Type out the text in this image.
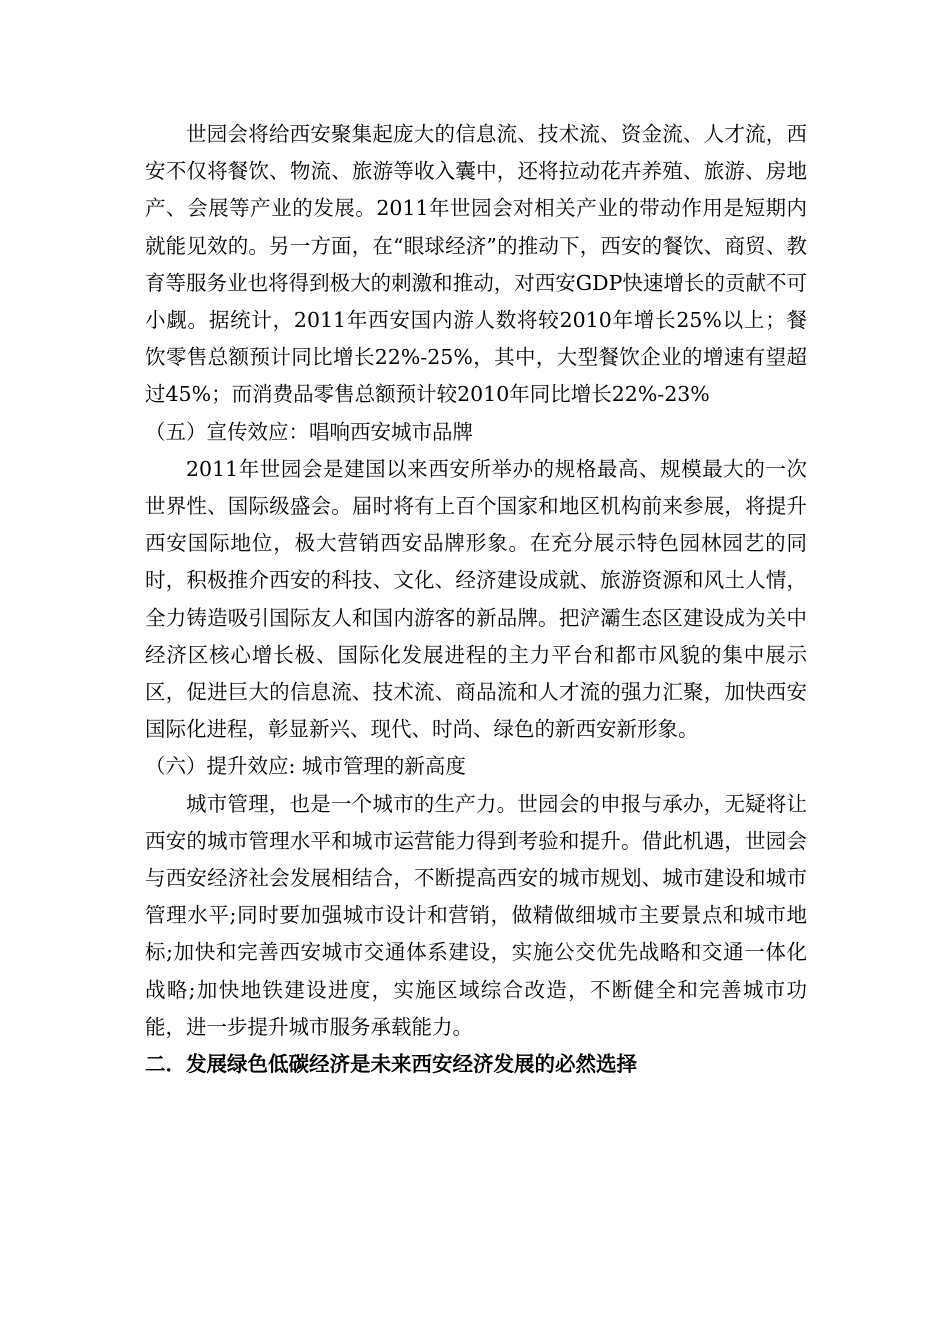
世园会将给西安聚集起庞大的信息流、技术流、资金流、人才流，西安不仅将餐饮、物流、旅游等收入囊中，还将拉动花卉养殖、旅游、房地产、会展等产业的发展。2011年世园会对相关产业的带动作用是短期内就能见效的。另一方面，在“眼球经济”的推动下，西安的餐饮、商贸、教育等服务业也将得到极大的刺激和推动，对西安GDP快速增长的贡献不可小觑。据统计，2011年西安国内游人数将较2010年增长25%以上；餐饮零售总额预计同比增长22%-25%，其中，大型餐饮企业的增速有望超过45%；而消费品零售总额预计较2010年同比增长22%-23%

（五）宣传效应：唱响西安城市品牌

2011年世园会是建国以来西安所举办的规格最高、规模最大的一次世界性、国际级盛会。届时将有上百个国家和地区机构前来参展，将提升西安国际地位，极大营销西安品牌形象。在充分展示特色园林园艺的同时，积极推介西安的科技、文化、经济建设成就、旅游资源和风土人情，全力铸造吸引国际友人和国内游客的新品牌。把浐灞生态区建设成为关中经济区核心增长极、国际化发展进程的主力平台和都市风貌的集中展示区，促进巨大的信息流、技术流、商品流和人才流的强力汇聚，加快西安国际化进程，彰显新兴、现代、时尚、绿色的新西安新形象。

（六）提升效应: 城市管理的新高度

城市管理，也是一个城市的生产力。世园会的申报与承办，无疑将让西安的城市管理水平和城市运营能力得到考验和提升。借此机遇，世园会与西安经济社会发展相结合，不断提高西安的城市规划、城市建设和城市管理水平;同时要加强城市设计和营销，做精做细城市主要景点和城市地标;加快和完善西安城市交通体系建设，实施公交优先战略和交通一体化战略;加快地铁建设进度，实施区域综合改造，不断健全和完善城市功能，进一步提升城市服务承载能力。

二．发展绿色低碳经济是未来西安经济发展的必然选择
